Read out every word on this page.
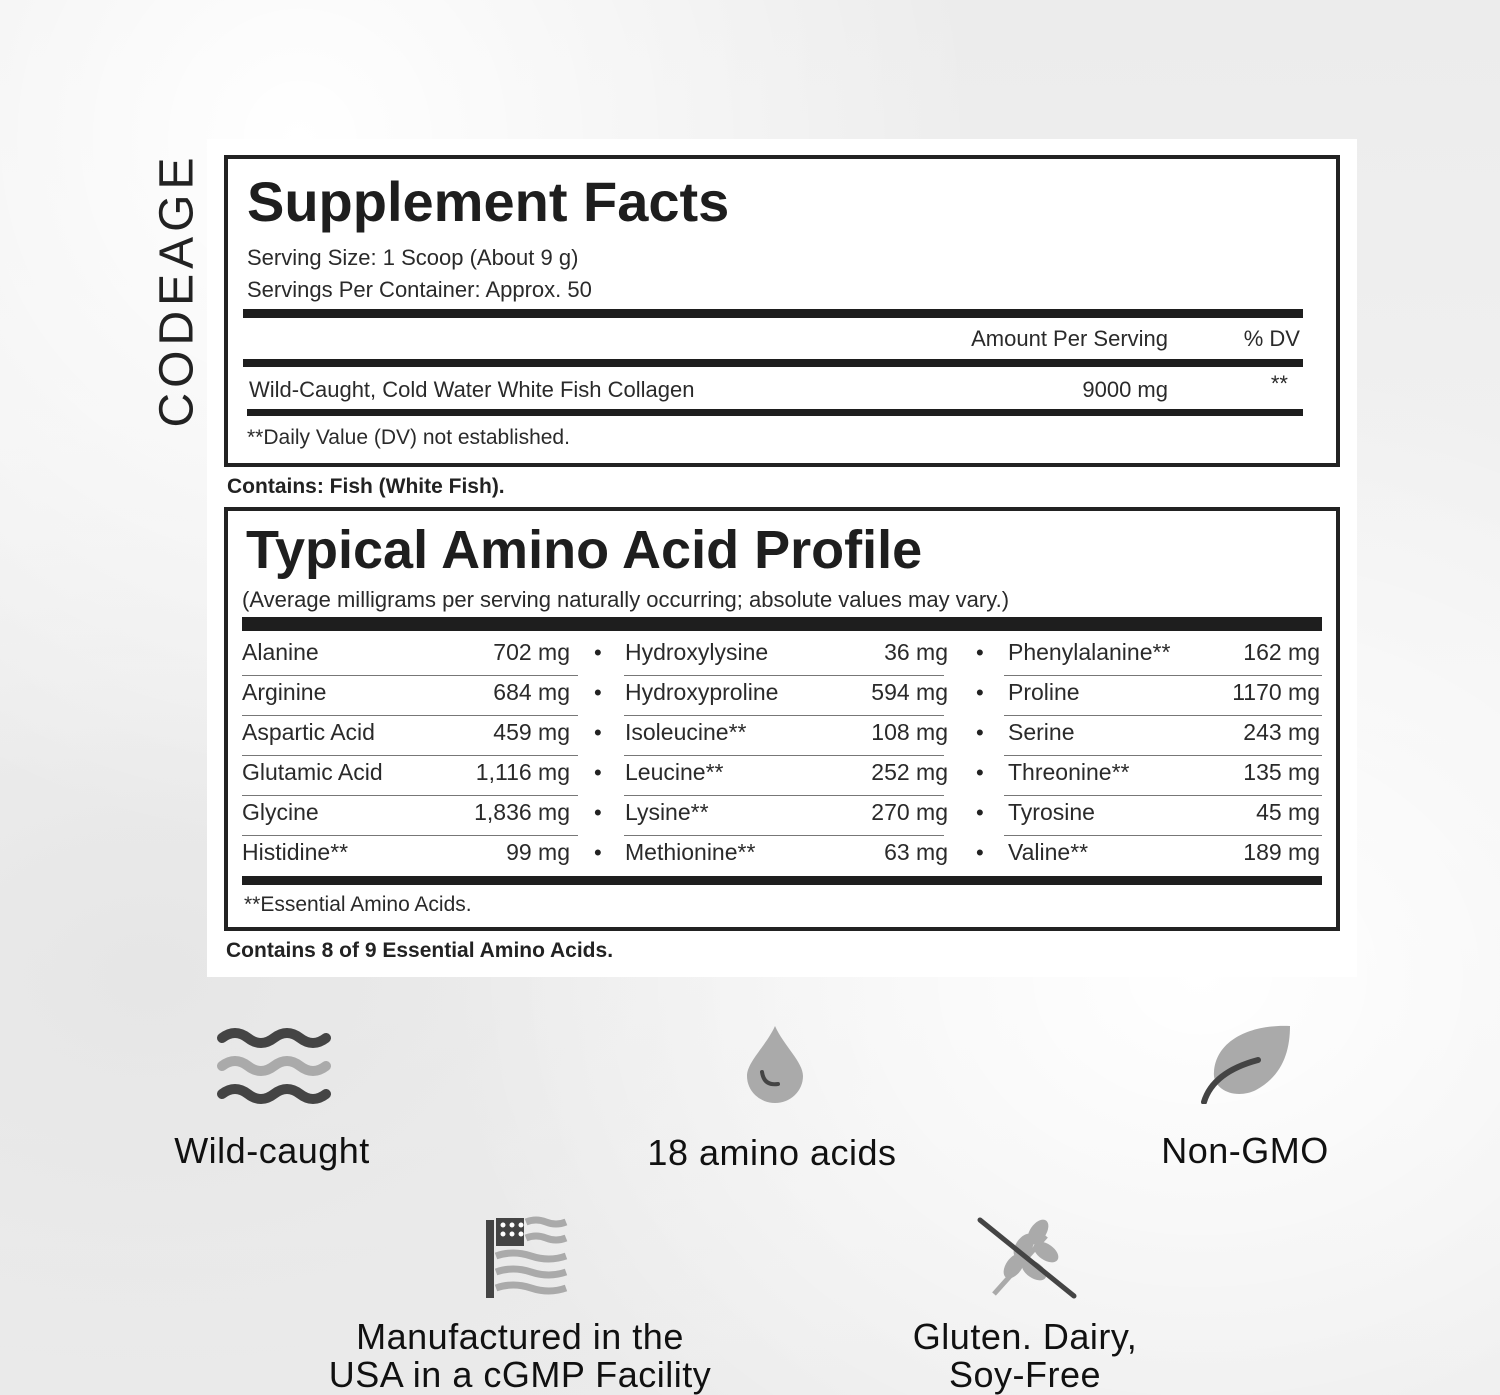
CODEAGE Supplement Facts
Serving Size: 1 Scoop (About 9 g)
Servings Per Container: Approx. 50
Amount Per Serving	% DV
Wild-Caught, Cold Water White Fish Collagen	9000 mg	**
**Daily Value (DV) not established.
Contains: Fish (White Fish).
Typical Amino Acid Profile
(Average milligrams per serving naturally occurring; absolute values may vary.)
Alanine	702 mg • Hydroxylysine	36 mg • Phenylalanine**	162 mg
Arginine	684 mg • Hydroxyproline	594 mg • Proline	1170 mg
Aspartic Acid	459 mg • Isoleucine**	108 mg • Serine	243 mg
Glutamic Acid	1,116 mg • Leucine**	252 mg • Threonine**	135 mg
Glycine	1,836 mg • Lysine**	270 mg • Tyrosine	45 mg
Histidine**	99 mg • Methionine**	63 mg • Valine**	189 mg
**Essential Amino Acids.
Contains 8 of 9 Essential Amino Acids.
Wild-caught	18 amino acids	Non-GMO
Manufactured in the
USA in a cGMP Facility
Gluten. Dairy,
Soy-Free
